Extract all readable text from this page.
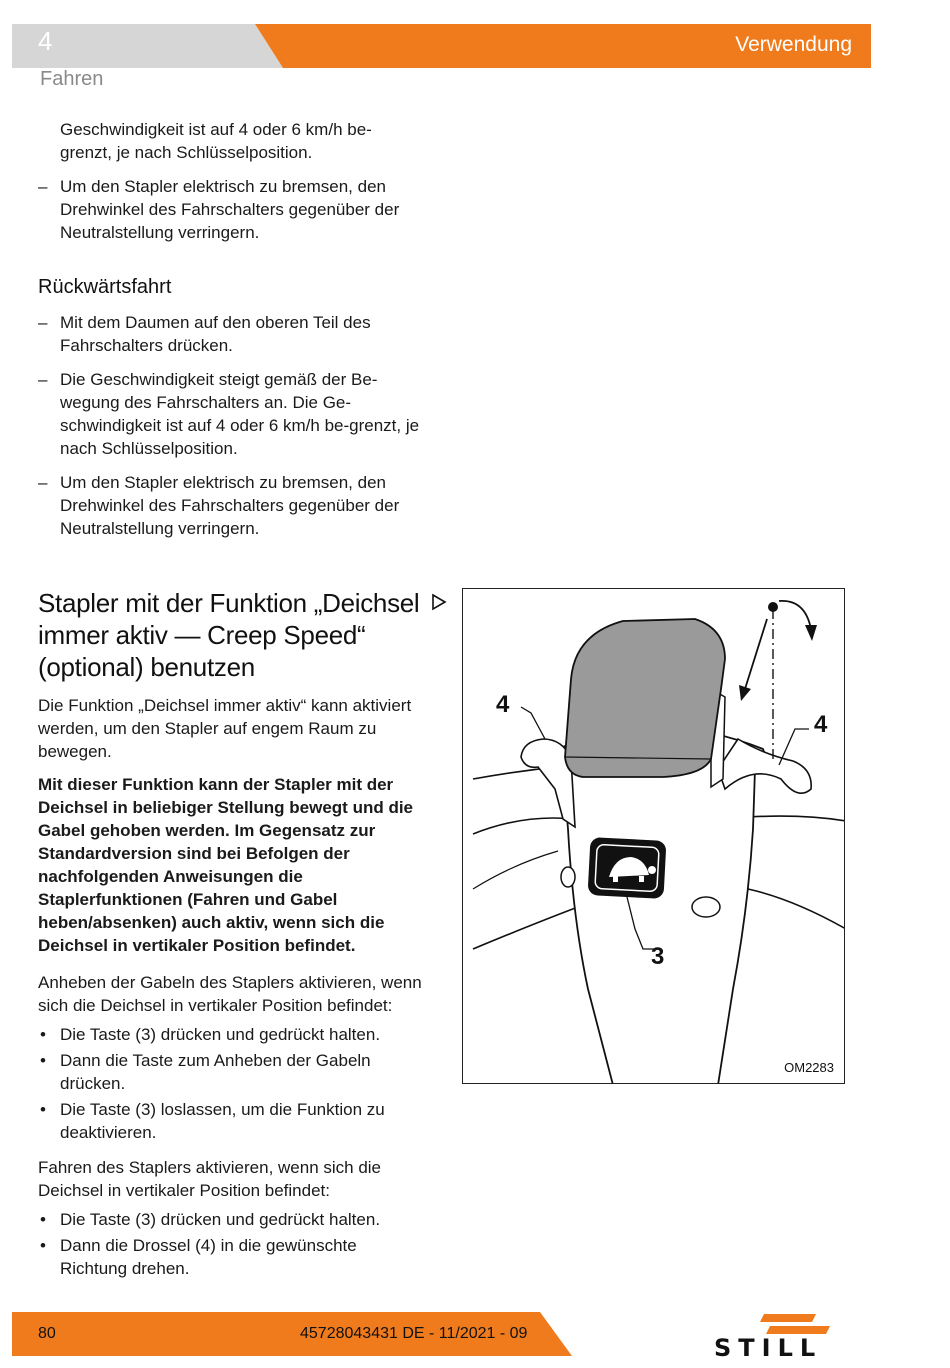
4	Verwendung
Fahren
Geschwindigkeit ist auf 4 oder 6 km/h be-grenzt, je nach Schlüsselposition.
– Um den Stapler elektrisch zu bremsen, den Drehwinkel des Fahrschalters gegenüber der Neutralstellung verringern.
Rückwärtsfahrt
– Mit dem Daumen auf den oberen Teil des Fahrschalters drücken.
– Die Geschwindigkeit steigt gemäß der Be-wegung des Fahrschalters an. Die Ge-schwindigkeit ist auf 4 oder 6 km/h be-grenzt, je nach Schlüsselposition.
– Um den Stapler elektrisch zu bremsen, den Drehwinkel des Fahrschalters gegenüber der Neutralstellung verringern.
Stapler mit der Funktion „Deichsel immer aktiv — Creep Speed“ (optional) benutzen
Die Funktion „Deichsel immer aktiv“ kann aktiviert werden, um den Stapler auf engem Raum zu bewegen.
Mit dieser Funktion kann der Stapler mit der Deichsel in beliebiger Stellung bewegt und die Gabel gehoben werden. Im Gegensatz zur Standardversion sind bei Befolgen der nachfolgenden Anweisungen die Staplerfunktionen (Fahren und Gabel heben/absenken) auch aktiv, wenn sich die Deichsel in vertikaler Position befindet.
Anheben der Gabeln des Staplers aktivieren, wenn sich die Deichsel in vertikaler Position befindet:
• Die Taste (3) drücken und gedrückt halten.
• Dann die Taste zum Anheben der Gabeln drücken.
• Die Taste (3) loslassen, um die Funktion zu deaktivieren.
Fahren des Staplers aktivieren, wenn sich die Deichsel in vertikaler Position befindet:
• Die Taste (3) drücken und gedrückt halten.
• Dann die Drossel (4) in die gewünschte Richtung drehen.
4
4
3
OM2283
80	45728043431 DE - 11/2021 - 09
STILL
